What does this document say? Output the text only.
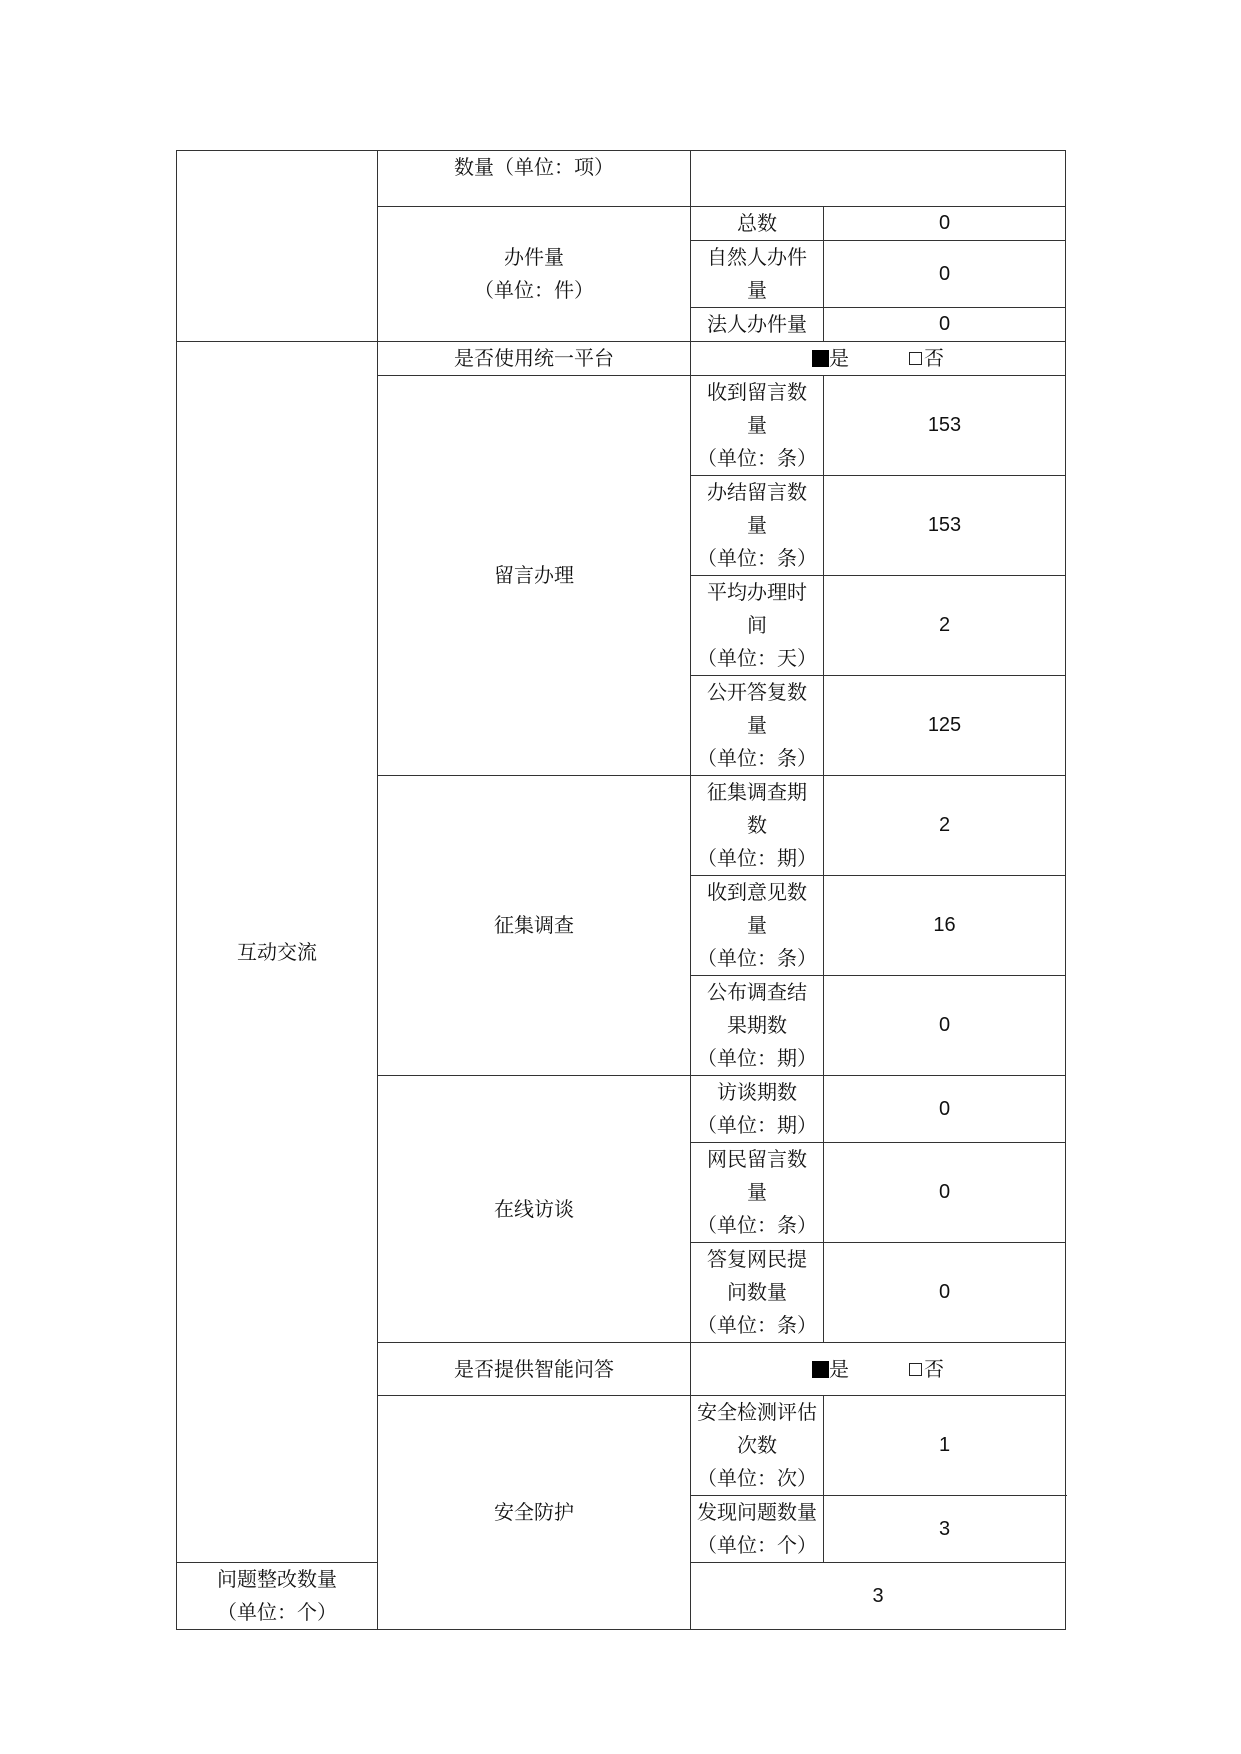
	数量（单位：项）		

	办件量
（单位：件）	总数	0

		自然人办件
量	0
		法人办件量	0
互动交流	是否使用统一平台	是 否	
	留言办理	收到留言数
量
（单位：条）	153

		办结留言数
量
（单位：条）	153

		平均办理时
间
（单位：天）	2

		公开答复数
量
（单位：条）	125
	征集调查	征集调查期
数
（单位：期）	2

		收到意见数
量
（单位：条）	16

		公布调查结
果期数
（单位：期）	0
	在线访谈	访谈期数
（单位：期）	0

		网民留言数
量
（单位：条）	0

		答复网民提
问数量
（单位：条）	0
	是否提供智能问答	是 否	
	安全防护	安全检测评估次数
（单位：次）	1

		发现问题数量
（单位：个）	3

问题整改数量
（单位：个）		3	
